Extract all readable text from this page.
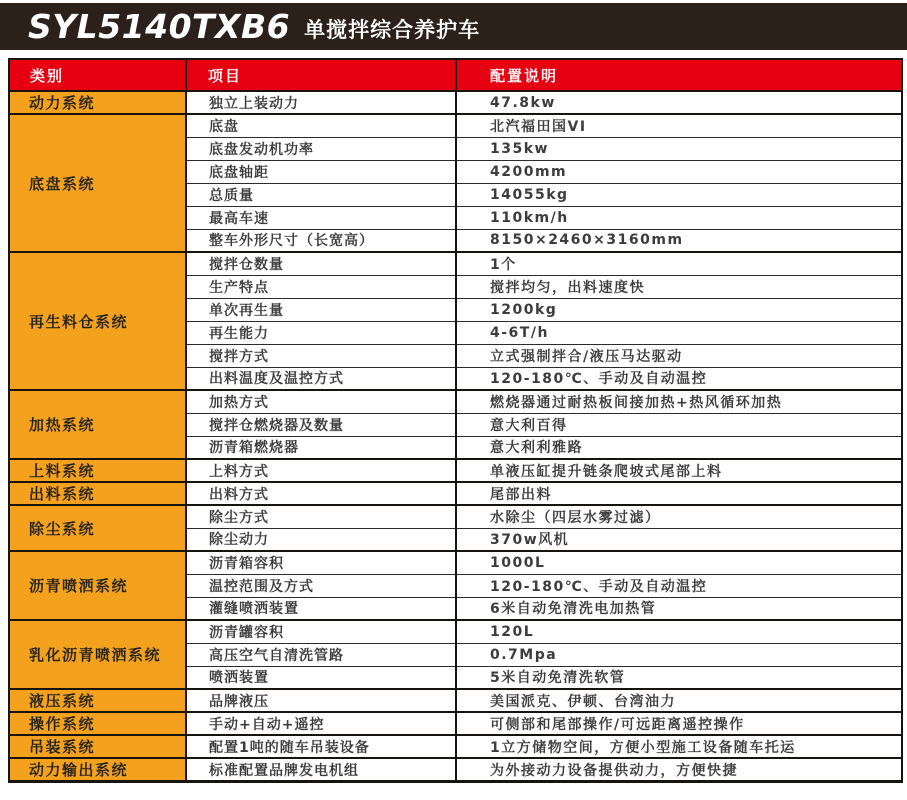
SYL5140TXB6 单搅拌综合养护车
类别	项目	配置说明
动力系统	独立上装动力	47.8kw
底盘系统	底盘	北汽福田国VI
	底盘发动机功率	135kw
	底盘轴距	4200mm
	总质量	14055kg
	最高车速	110km/h
	整车外形尺寸（长宽高）	8150×2460×3160mm
再生料仓系统	搅拌仓数量	1个
	生产特点	搅拌均匀，出料速度快
	单次再生量	1200kg
	再生能力	4-6T/h
	搅拌方式	立式强制拌合/液压马达驱动
	出料温度及温控方式	120-180℃、手动及自动温控
加热系统	加热方式	燃烧器通过耐热板间接加热+热风循环加热
	搅拌仓燃烧器及数量	意大利百得
	沥青箱燃烧器	意大利利雅路
上料系统	上料方式	单液压缸提升链条爬坡式尾部上料
出料系统	出料方式	尾部出料
除尘系统	除尘方式	水除尘（四层水雾过滤）
	除尘动力	370w风机
沥青喷洒系统	沥青箱容积	1000L
	温控范围及方式	120-180℃、手动及自动温控
	灌缝喷洒装置	6米自动免清洗电加热管
乳化沥青喷洒系统	沥青罐容积	120L
	高压空气自清洗管路	0.7Mpa
	喷洒装置	5米自动免清洗软管
液压系统	品牌液压	美国派克、伊顿、台湾油力
操作系统	手动+自动+遥控	可侧部和尾部操作/可远距离遥控操作
吊装系统	配置1吨的随车吊装设备	1立方储物空间，方便小型施工设备随车托运
动力输出系统	标准配置品牌发电机组	为外接动力设备提供动力，方便快捷
